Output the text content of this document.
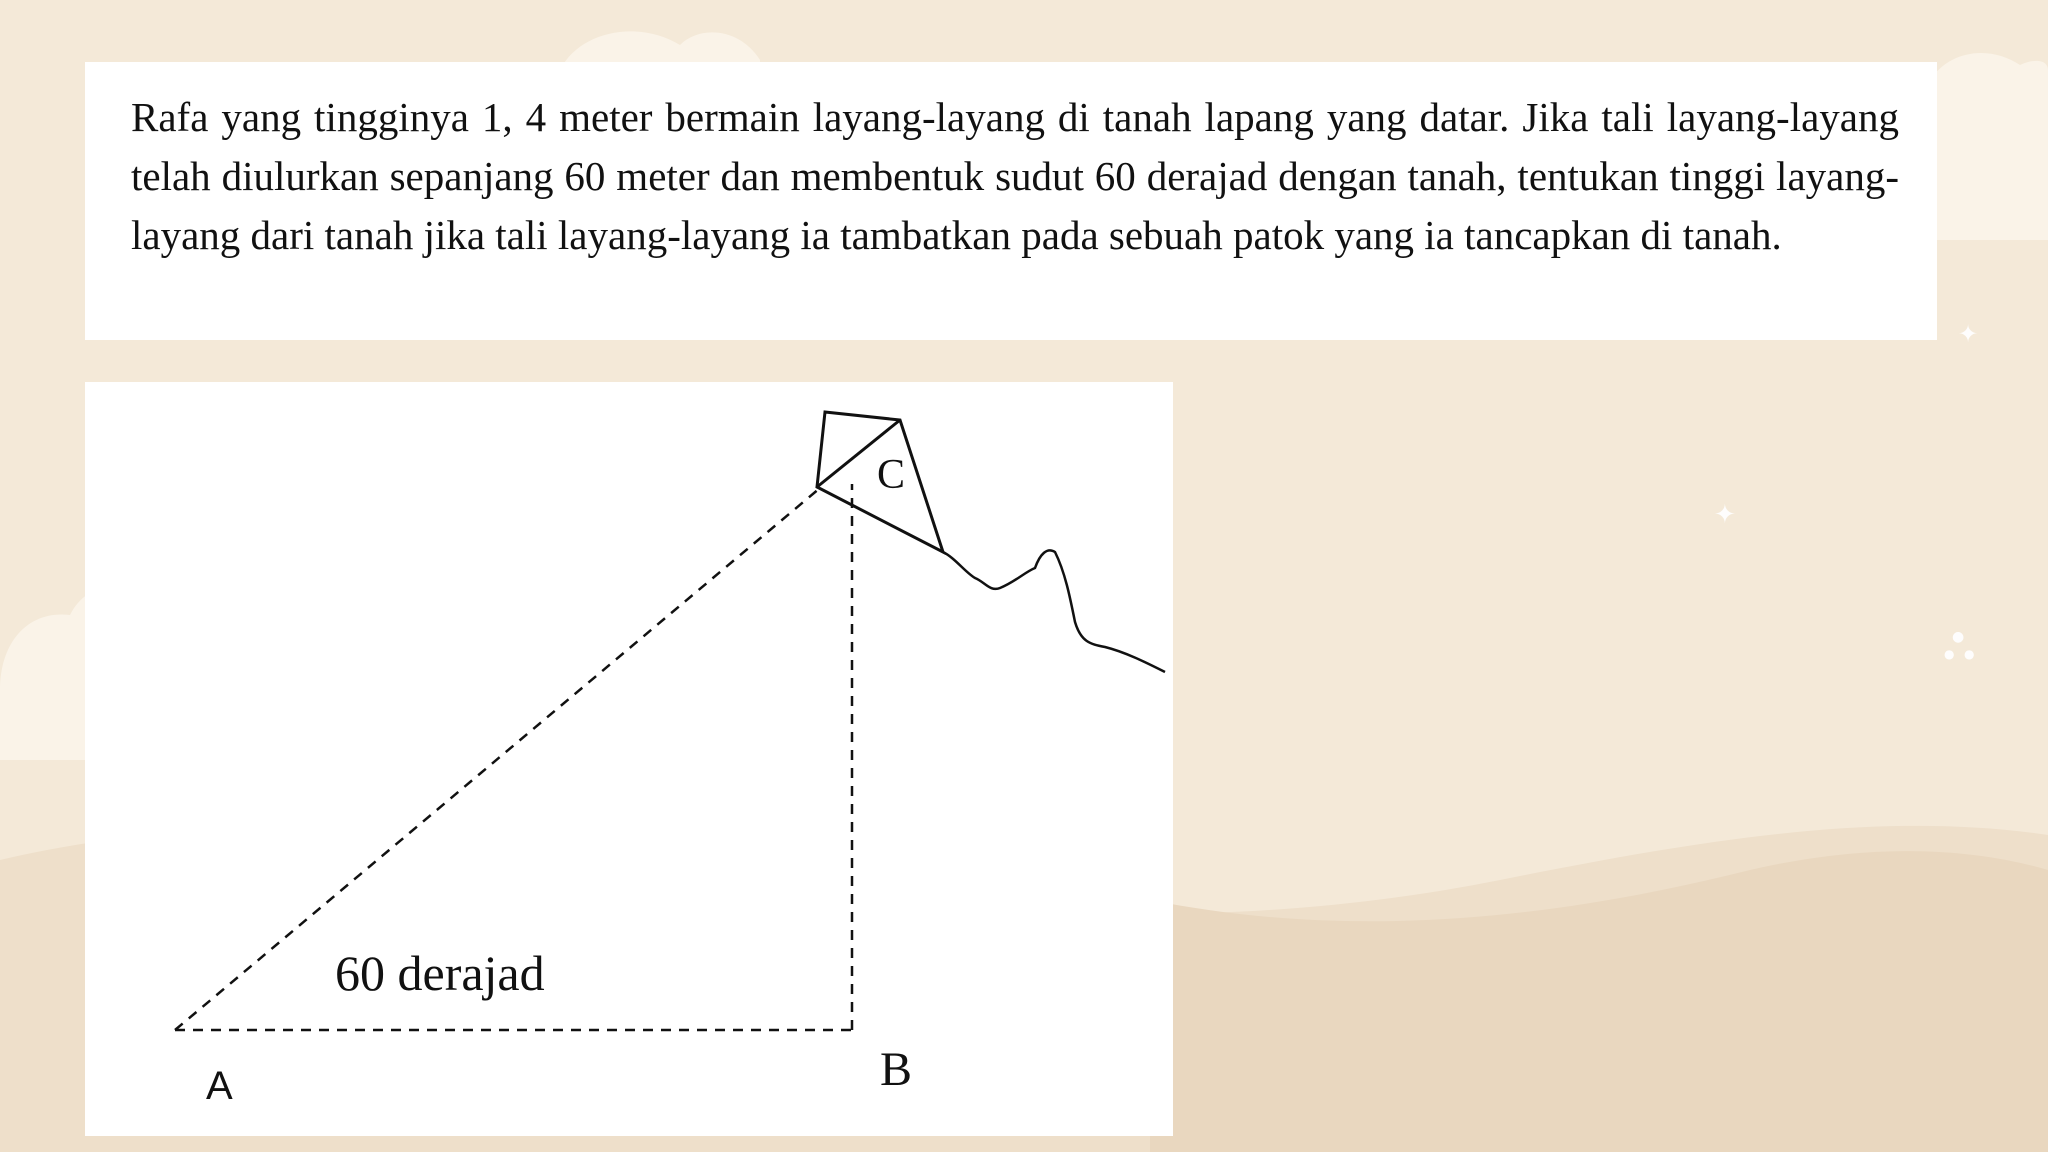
✦
✦
●
● ●

Rafa yang tingginya 1, 4 meter bermain layang-layang di tanah lapang yang datar. Jika tali layang-layang telah diulurkan sepanjang 60 meter dan membentuk sudut 60 derajad dengan tanah, tentukan tinggi layang-layang dari tanah jika tali layang-layang ia tambatkan pada sebuah patok yang ia tancapkan di tanah.

60 derajad
A	B
C
